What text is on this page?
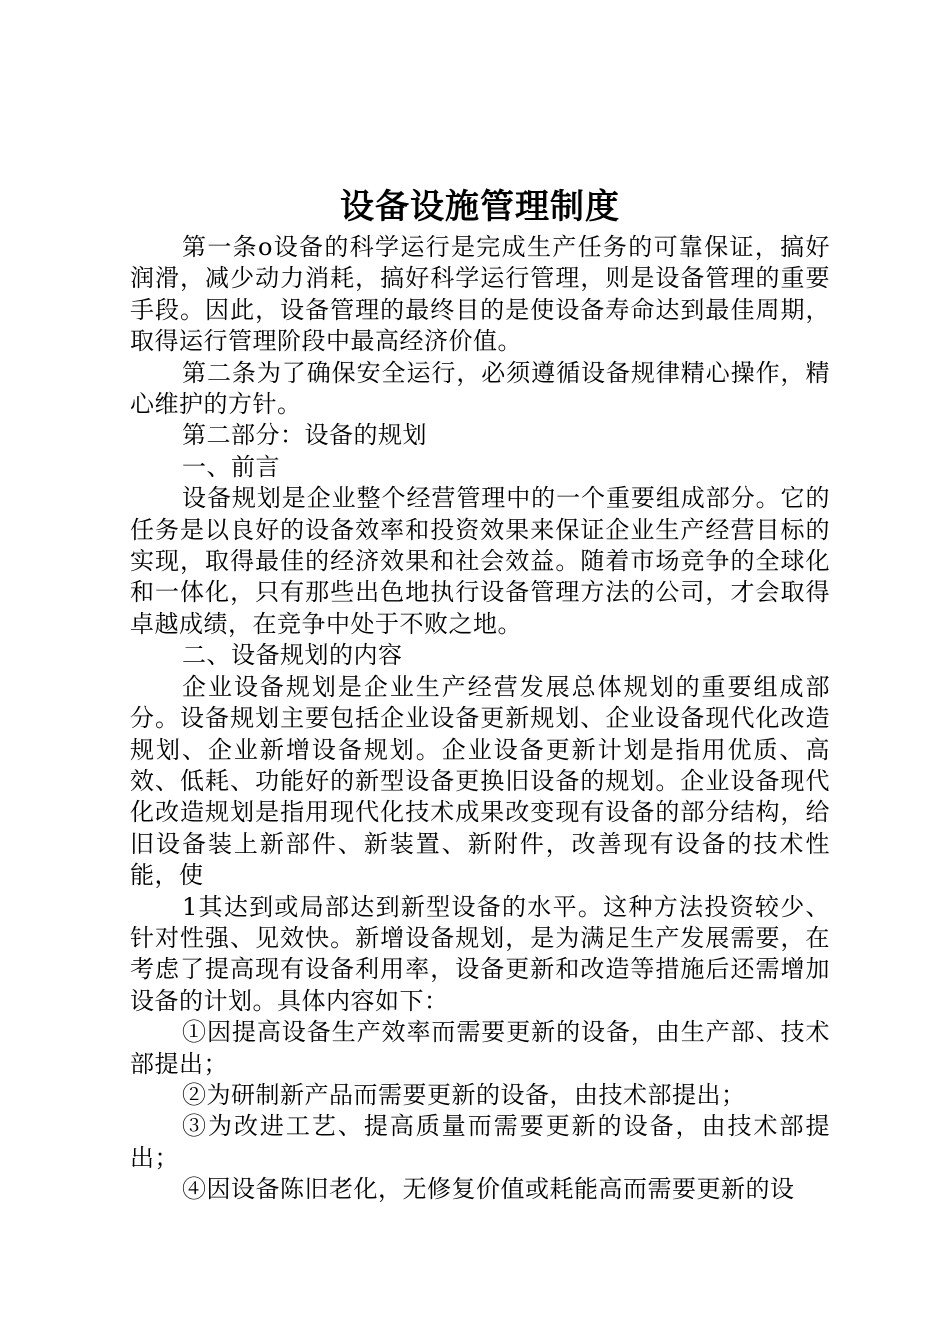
设备设施管理制度

第一条o设备的科学运行是完成生产任务的可靠保证，搞好润滑，减少动力消耗，搞好科学运行管理，则是设备管理的重要手段。因此，设备管理的最终目的是使设备寿命达到最佳周期，取得运行管理阶段中最高经济价值。

第二条为了确保安全运行，必须遵循设备规律精心操作，精心维护的方针。

第二部分：设备的规划

一、前言

设备规划是企业整个经营管理中的一个重要组成部分。它的任务是以良好的设备效率和投资效果来保证企业生产经营目标的实现，取得最佳的经济效果和社会效益。随着市场竞争的全球化和一体化，只有那些出色地执行设备管理方法的公司，才会取得卓越成绩，在竞争中处于不败之地。

二、设备规划的内容

企业设备规划是企业生产经营发展总体规划的重要组成部分。设备规划主要包括企业设备更新规划、企业设备现代化改造规划、企业新增设备规划。企业设备更新计划是指用优质、高效、低耗、功能好的新型设备更换旧设备的规划。企业设备现代化改造规划是指用现代化技术成果改变现有设备的部分结构，给旧设备装上新部件、新装置、新附件，改善现有设备的技术性能，使

1其达到或局部达到新型设备的水平。这种方法投资较少、针对性强、见效快。新增设备规划，是为满足生产发展需要，在考虑了提高现有设备利用率，设备更新和改造等措施后还需增加设备的计划。具体内容如下：

①因提高设备生产效率而需要更新的设备，由生产部、技术部提出；

②为研制新产品而需要更新的设备，由技术部提出；

③为改进工艺、提高质量而需要更新的设备，由技术部提出；

④因设备陈旧老化，无修复价值或耗能高而需要更新的设
